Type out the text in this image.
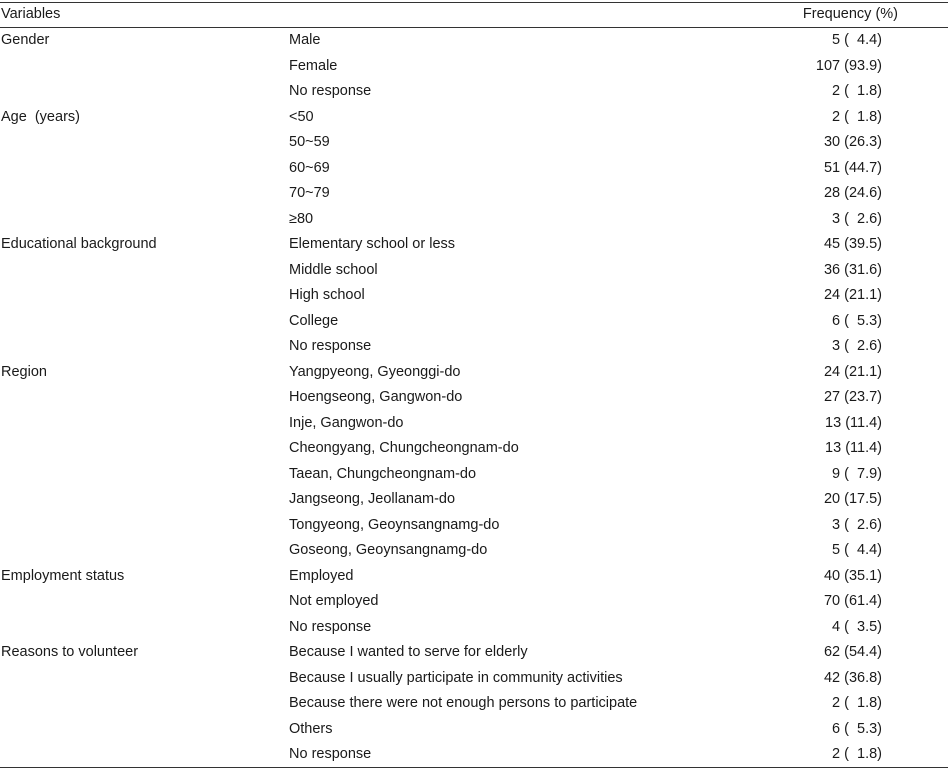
Variables	Frequency (%)
Gender	Male	5 (  4.4)
Female	107 (93.9)
No response	2 (  1.8)
Age  (years)	<50	2 (  1.8)
50~59	30 (26.3)
60~69	51 (44.7)
70~79	28 (24.6)
≥80	3 (  2.6)
Educational background	Elementary school or less	45 (39.5)
Middle school	36 (31.6)
High school	24 (21.1)
College	6 (  5.3)
No response	3 (  2.6)
Region	Yangpyeong, Gyeonggi-do	24 (21.1)
Hoengseong, Gangwon-do	27 (23.7)
Inje, Gangwon-do	13 (11.4)
Cheongyang, Chungcheongnam-do	13 (11.4)
Taean, Chungcheongnam-do	9 (  7.9)
Jangseong, Jeollanam-do	20 (17.5)
Tongyeong, Geoynsangnamg-do	3 (  2.6)
Goseong, Geoynsangnamg-do	5 (  4.4)
Employment status	Employed	40 (35.1)
Not employed	70 (61.4)
No response	4 (  3.5)
Reasons to volunteer	Because I wanted to serve for elderly	62 (54.4)
Because I usually participate in community activities	42 (36.8)
Because there were not enough persons to participate	2 (  1.8)
Others	6 (  5.3)
No response	2 (  1.8)
